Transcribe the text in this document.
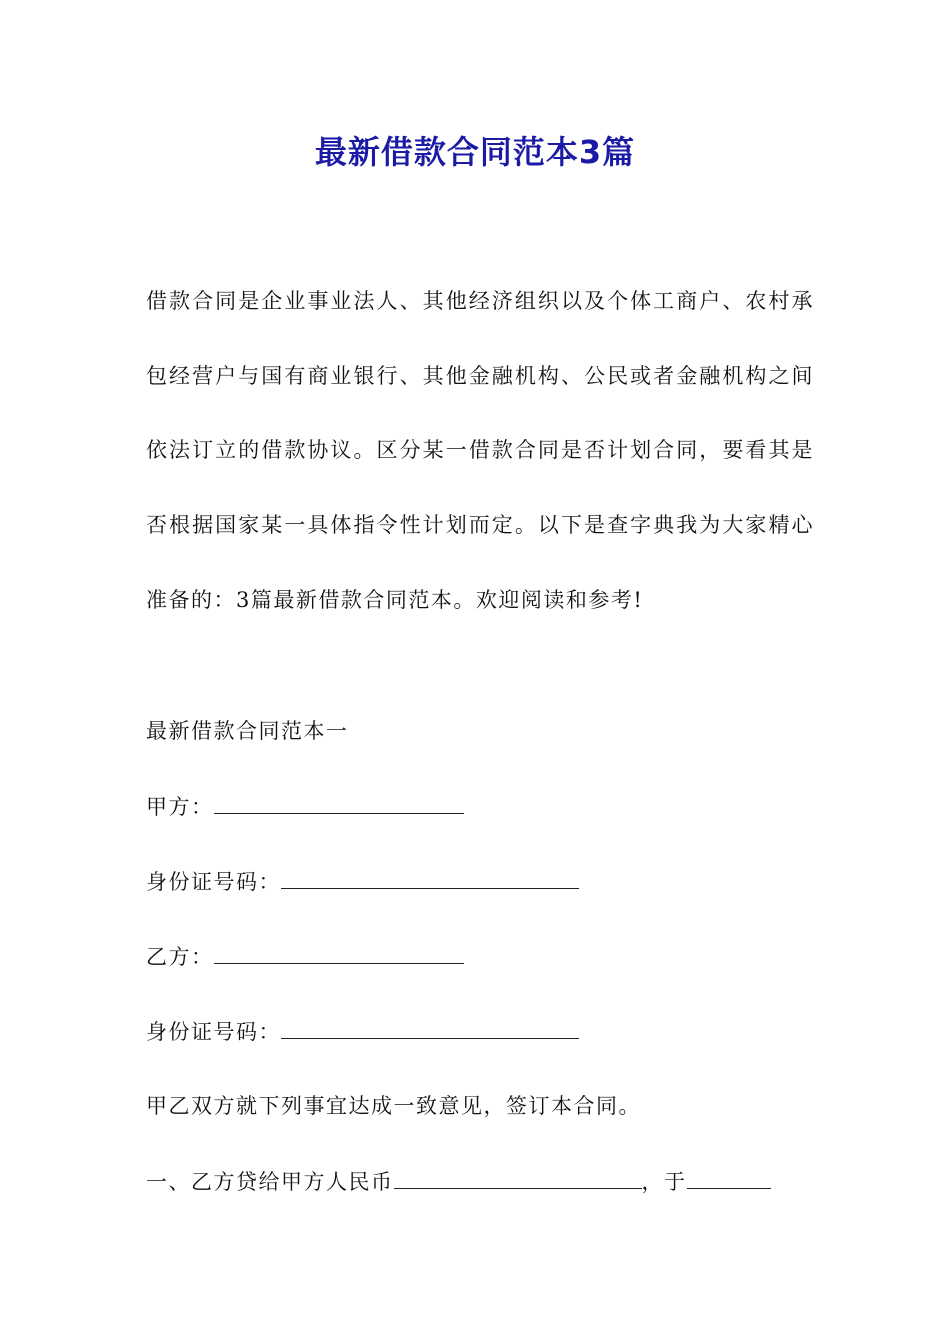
最新借款合同范本3篇

借款合同是企业事业法人、其他经济组织以及个体工商户、农村承包经营户与国有商业银行、其他金融机构、公民或者金融机构之间依法订立的借款协议。区分某一借款合同是否计划合同，要看其是否根据国家某一具体指令性计划而定。以下是查字典我为大家精心准备的：3篇最新借款合同范本。欢迎阅读和参考!

最新借款合同范本一

甲方：

身份证号码：

乙方：

身份证号码：

甲乙双方就下列事宜达成一致意见，签订本合同。

一、乙方贷给甲方人民币	，于
